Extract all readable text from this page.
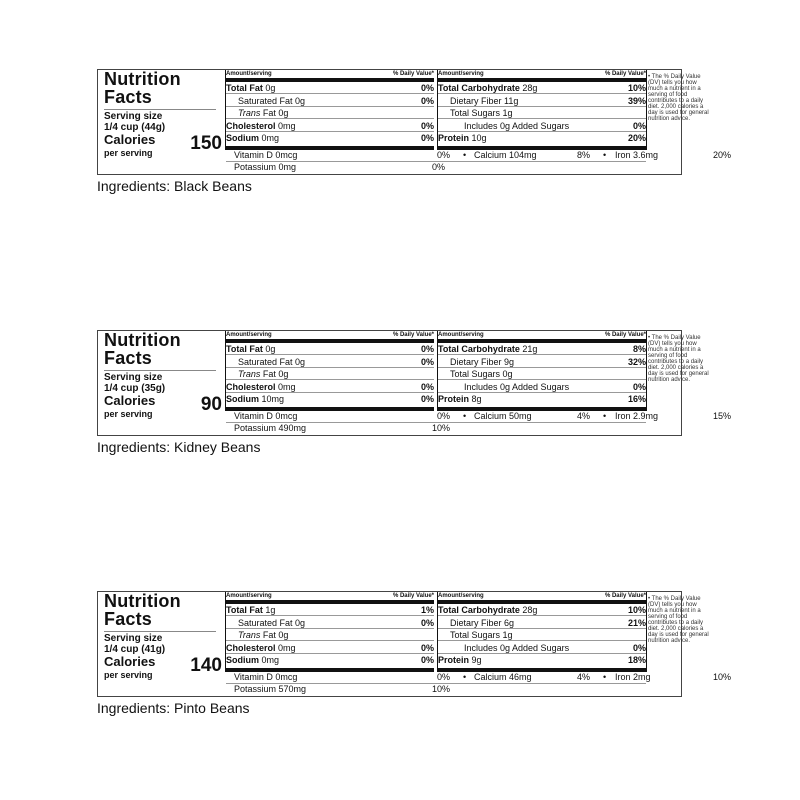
Nutrition
Facts
Serving size
1/4 cup (44g)
Calories
per serving 150
Amount/serving	% Daily Value*
Total Fat 0g	0%
Saturated Fat 0g	0%
Trans Fat 0g
Cholesterol 0mg	0%
Sodium 0mg	0%
Amount/serving	% Daily Value*
Total Carbohydrate 28g	10%
Dietary Fiber 11g	39%
Total Sugars 1g
Includes 0g Added Sugars	0%
Protein 10g	20%
Vitamin D 0mcg	0% • Calcium 104mg	8% • Iron 3.6mg	20%
Potassium 0mg	0%
• The % Daily Value (DV) tells you how much a nutrient in a serving of food contributes to a daily diet. 2,000 calories a day is used for general nutrition advice.
Ingredients: Black Beans
Nutrition
Facts
Serving size
1/4 cup (35g)
Calories
per serving	90
Amount/serving	% Daily Value*
Total Fat 0g	0%
Saturated Fat 0g	0%
Trans Fat 0g
Cholesterol 0mg	0%
Sodium 10mg	0%
Amount/serving	% Daily Value*
Total Carbohydrate 21g	8%
Dietary Fiber 9g	32%
Total Sugars 0g
Includes 0g Added Sugars	0%
Protein 8g	16%
Vitamin D 0mcg	0% • Calcium 50mg	4% • Iron 2.9mg	15%
Potassium 490mg	10%
• The % Daily Value (DV) tells you how much a nutrient in a serving of food contributes to a daily diet. 2,000 calories a day is used for general nutrition advice.
Ingredients: Kidney Beans
Nutrition
Facts
Serving size
1/4 cup (41g)
Calories
per serving 140
Amount/serving	% Daily Value*
Total Fat 1g	1%
Saturated Fat 0g	0%
Trans Fat 0g
Cholesterol 0mg	0%
Sodium 0mg	0%
Amount/serving	% Daily Value*
Total Carbohydrate 28g	10%
Dietary Fiber 6g	21%
Total Sugars 1g
Includes 0g Added Sugars	0%
Protein 9g	18%
Vitamin D 0mcg	0% • Calcium 46mg	4% • Iron 2mg	10%
Potassium 570mg	10%
• The % Daily Value (DV) tells you how much a nutrient in a serving of food contributes to a daily diet. 2,000 calories a day is used for general nutrition advice.
Ingredients: Pinto Beans
